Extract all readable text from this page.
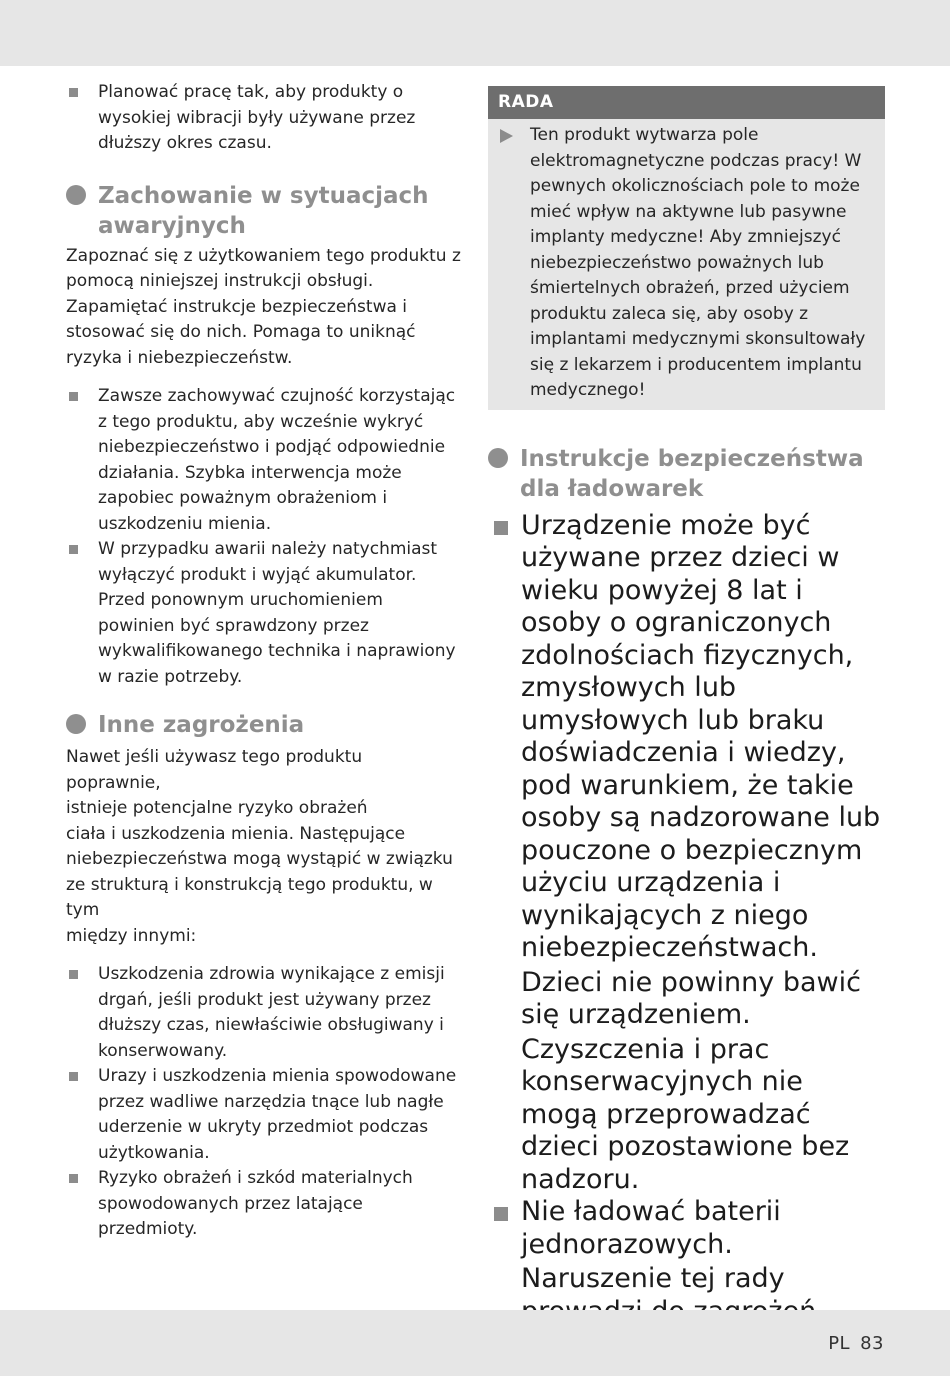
Planować pracę tak, aby produkty o wysokiej wibracji były używane przez dłuższy okres czasu.
Zachowanie w sytuacjach awaryjnych

Zapoznać się z użytkowaniem tego produktu z pomocą niniejszej instrukcji obsługi. Zapamiętać instrukcje bezpieczeństwa i stosować się do nich. Pomaga to uniknąć ryzyka i niebezpieczeństw.

Zawsze zachowywać czujność korzystając z tego produktu, aby wcześnie wykryć niebezpieczeństwo i podjąć odpowiednie działania. Szybka interwencja może zapobiec poważnym obrażeniom i uszkodzeniu mienia.
W przypadku awarii należy natychmiast wyłączyć produkt i wyjąć akumulator. Przed ponownym uruchomieniem powinien być sprawdzony przez wykwalifikowanego technika i naprawiony w razie potrzeby.
Inne zagrożenia
Nawet jeśli używasz tego produktu poprawnie,
istnieje potencjalne ryzyko obrażeń
ciała i uszkodzenia mienia. Następujące
niebezpieczeństwa mogą wystąpić w związku
ze strukturą i konstrukcją tego produktu, w tym
między innymi:
Uszkodzenia zdrowia wynikające z emisji drgań, jeśli produkt jest używany przez dłuższy czas, niewłaściwie obsługiwany i konserwowany.
Urazy i uszkodzenia mienia spowodowane przez wadliwe narzędzia tnące lub nagłe uderzenie w ukryty przedmiot podczas użytkowania.
Ryzyko obrażeń i szkód materialnych spowodowanych przez latające przedmioty.
RADA
Ten produkt wytwarza pole elektromagnetyczne podczas pracy! W pewnych okolicznościach pole to może mieć wpływ na aktywne lub pasywne implanty medyczne! Aby zmniejszyć niebezpieczeństwo poważnych lub śmiertelnych obrażeń, przed użyciem produktu zaleca się, aby osoby z implantami medycznymi skonsultowały się z lekarzem i producentem implantu medycznego!
Instrukcje bezpieczeństwa dla ładowarek

Urządzenie może być używane przez dzieci w wieku powyżej 8 lat i osoby o ograniczonych zdolnościach fizycznych, zmysłowych lub umysłowych lub braku doświadczenia i wiedzy, pod warunkiem, że takie osoby są nadzorowane lub pouczone o bezpiecznym użyciu urządzenia i wynikających z niego niebezpieczeństwach.

Dzieci nie powinny bawić się urządzeniem.

Czyszczenia i prac konserwacyjnych nie mogą przeprowadzać dzieci pozostawione bez nadzoru.

Nie ładować baterii jednorazowych.

Naruszenie tej rady

PL 83
